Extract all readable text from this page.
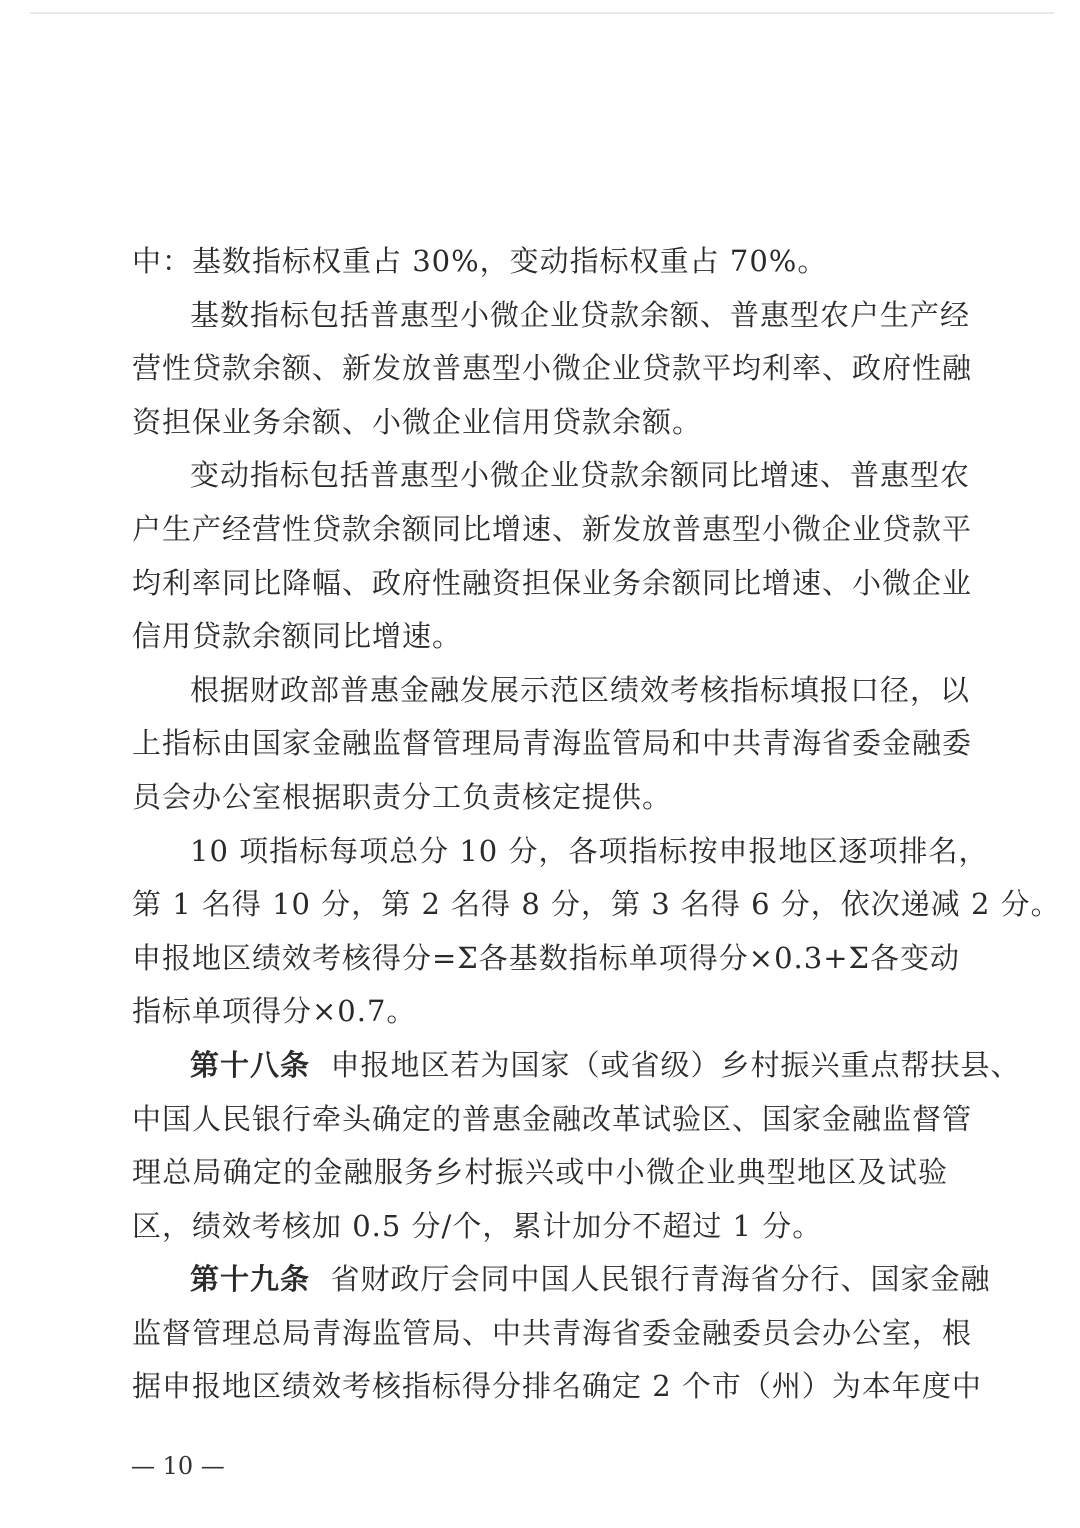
中：基数指标权重占 30%，变动指标权重占 70%。
基数指标包括普惠型小微企业贷款余额、普惠型农户生产经
营性贷款余额、新发放普惠型小微企业贷款平均利率、政府性融
资担保业务余额、小微企业信用贷款余额。
变动指标包括普惠型小微企业贷款余额同比增速、普惠型农
户生产经营性贷款余额同比增速、新发放普惠型小微企业贷款平
均利率同比降幅、政府性融资担保业务余额同比增速、小微企业
信用贷款余额同比增速。
根据财政部普惠金融发展示范区绩效考核指标填报口径，以
上指标由国家金融监督管理局青海监管局和中共青海省委金融委
员会办公室根据职责分工负责核定提供。
10 项指标每项总分 10 分，各项指标按申报地区逐项排名，
第 1 名得 10 分，第 2 名得 8 分，第 3 名得 6 分，依次递减 2 分。
申报地区绩效考核得分=Σ各基数指标单项得分×0.3+Σ各变动
指标单项得分×0.7。
第十八条 申报地区若为国家（或省级）乡村振兴重点帮扶县、
中国人民银行牵头确定的普惠金融改革试验区、国家金融监督管
理总局确定的金融服务乡村振兴或中小微企业典型地区及试验
区，绩效考核加 0.5 分/个，累计加分不超过 1 分。
第十九条 省财政厅会同中国人民银行青海省分行、国家金融
监督管理总局青海监管局、中共青海省委金融委员会办公室，根
据申报地区绩效考核指标得分排名确定 2 个市（州）为本年度中
— 10 —
